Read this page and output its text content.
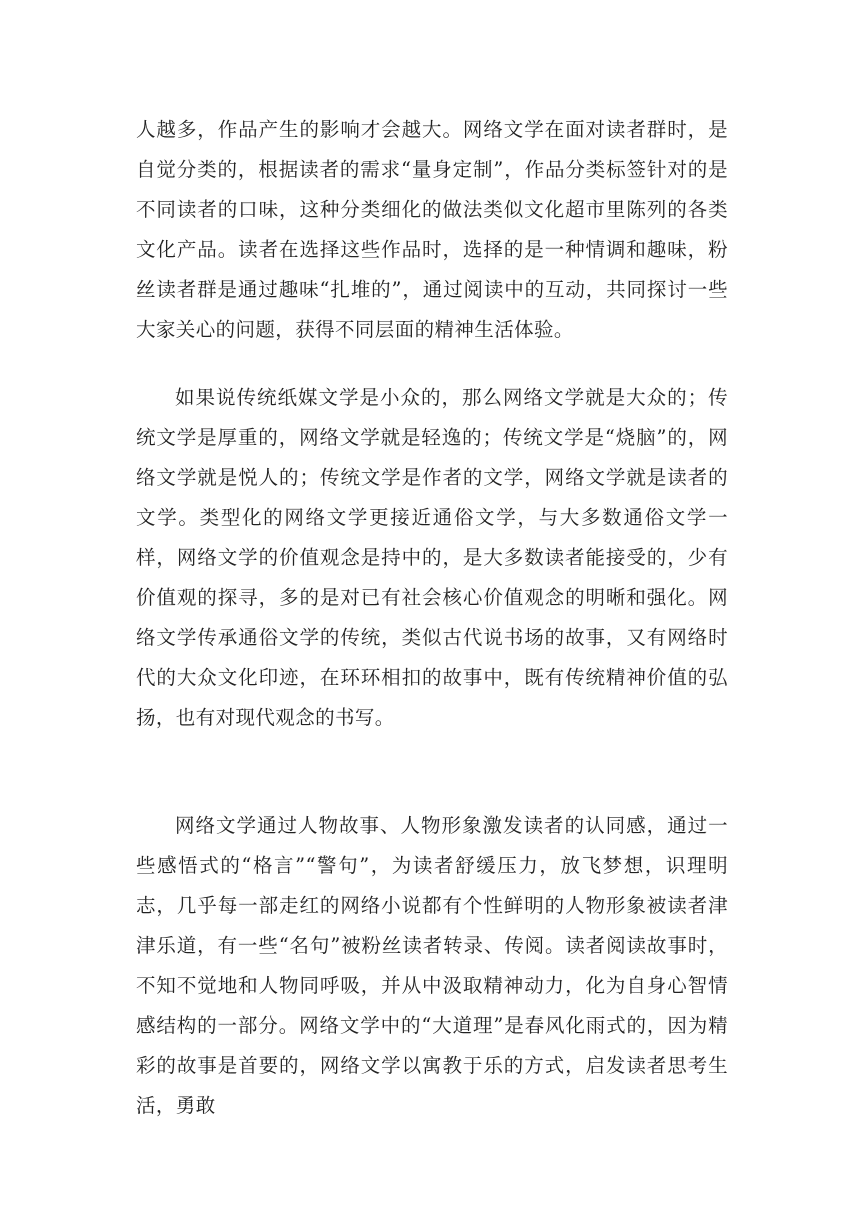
人越多，作品产生的影响才会越大。网络文学在面对读者群时，是自觉分类的，根据读者的需求“量身定制”，作品分类标签针对的是不同读者的口味，这种分类细化的做法类似文化超市里陈列的各类文化产品。读者在选择这些作品时，选择的是一种情调和趣味，粉丝读者群是通过趣味“扎堆的”，通过阅读中的互动，共同探讨一些大家关心的问题，获得不同层面的精神生活体验。

如果说传统纸媒文学是小众的，那么网络文学就是大众的；传统文学是厚重的，网络文学就是轻逸的；传统文学是“烧脑”的，网络文学就是悦人的；传统文学是作者的文学，网络文学就是读者的文学。类型化的网络文学更接近通俗文学，与大多数通俗文学一样，网络文学的价值观念是持中的，是大多数读者能接受的，少有价值观的探寻，多的是对已有社会核心价值观念的明晰和强化。网络文学传承通俗文学的传统，类似古代说书场的故事，又有网络时代的大众文化印迹，在环环相扣的故事中，既有传统精神价值的弘扬，也有对现代观念的书写。

网络文学通过人物故事、人物形象激发读者的认同感，通过一些感悟式的“格言”“警句”，为读者舒缓压力，放飞梦想，识理明志，几乎每一部走红的网络小说都有个性鲜明的人物形象被读者津津乐道，有一些“名句”被粉丝读者转录、传阅。读者阅读故事时，不知不觉地和人物同呼吸，并从中汲取精神动力，化为自身心智情感结构的一部分。网络文学中的“大道理”是春风化雨式的，因为精彩的故事是首要的，网络文学以寓教于乐的方式，启发读者思考生活，勇敢
